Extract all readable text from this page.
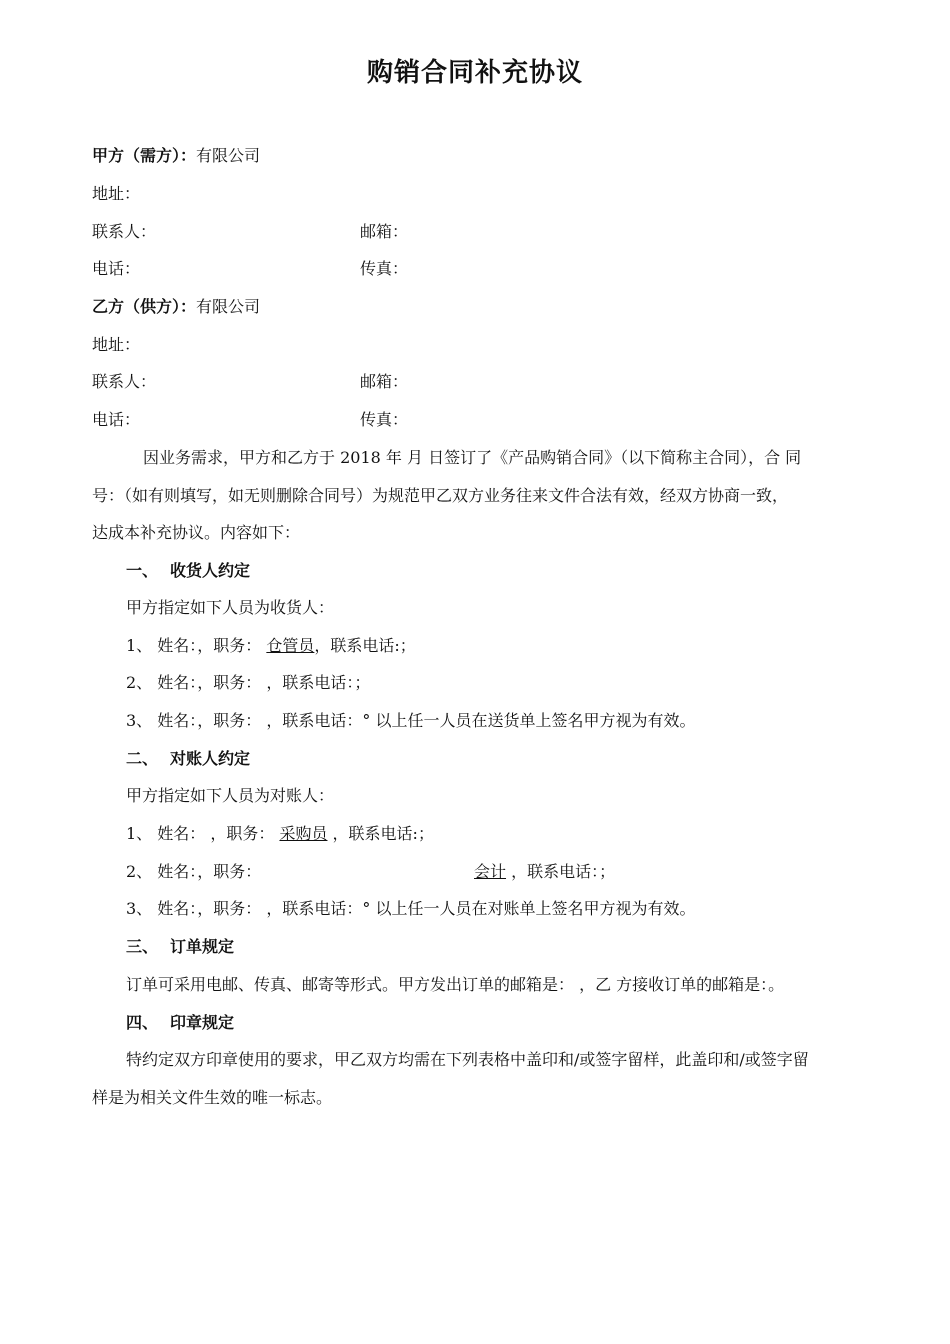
购销合同补充协议
甲方（需方）：有限公司
地址：
联系人：	邮箱：
电话：	传真：
乙方（供方）：有限公司
地址：
联系人：	邮箱：
电话：	传真：
因业务需求，甲方和乙方于 2018 年 月 日签订了《产品购销合同》（以下简称主合同），合 同
号：（如有则填写，如无则删除合同号）为规范甲乙双方业务往来文件合法有效，经双方协商一致，
达成本补充协议。内容如下：
一、 收货人约定
甲方指定如下人员为收货人：
1、 姓名：，职务： 仓管员，联系电话:；
2、 姓名：，职务： ，联系电话：；
3、 姓名：，职务： ，联系电话：° 以上任一人员在送货单上签名甲方视为有效。
二、 对账人约定
甲方指定如下人员为对账人：
1、 姓名： ，职务： 采购员 ，联系电话:；
2、 姓名：，职务：	会计 ，联系电话：；
3、 姓名：，职务： ，联系电话：° 以上任一人员在对账单上签名甲方视为有效。
三、 订单规定
订单可采用电邮、传真、邮寄等形式。甲方发出订单的邮箱是： ，乙 方接收订单的邮箱是：。
四、 印章规定
特约定双方印章使用的要求，甲乙双方均需在下列表格中盖印和/或签字留样，此盖印和/或签字留
样是为相关文件生效的唯一标志。
